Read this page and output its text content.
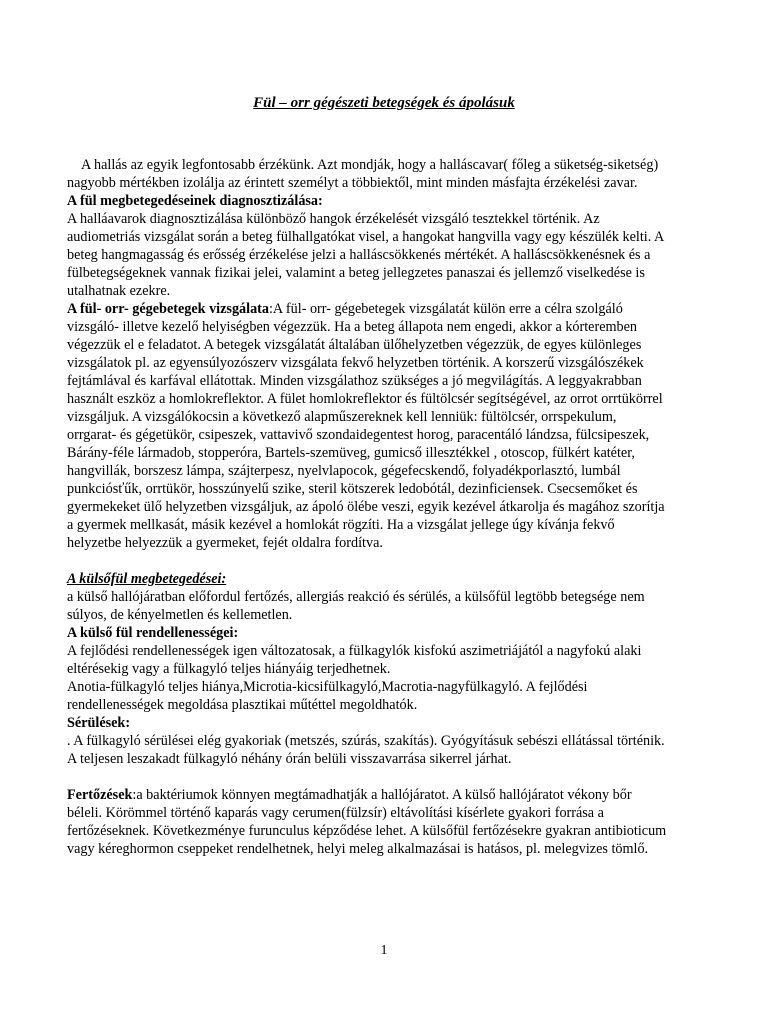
Fül – orr gégészeti betegségek és ápolásuk

A hallás az egyik legfontosabb érzékünk. Azt mondják, hogy a halláscavar( főleg a süketség-siketség) nagyobb mértékben izolálja az érintett személyt a többiektől, mint minden másfajta érzékelési zavar.

A fül megbetegedéseinek diagnosztizálása:
A halláavarok diagnosztizálása különböző hangok érzékelését vizsgáló tesztekkel történik. Az audiometriás vizsgálat során a beteg fülhallgatókat visel, a hangokat hangvilla vagy egy készülék kelti. A beteg hangmagasság és erősség érzékelése jelzi a halláscsökkenés mértékét. A halláscsökkenésnek és a fülbetegségeknek vannak fizikai jelei, valamint a beteg jellegzetes panaszai és jellemző viselkedése is utalhatnak ezekre.

A fül- orr- gégebetegek vizsgálata:A fül- orr- gégebetegek vizsgálatát külön erre a célra szolgáló vizsgáló- illetve kezelő helyiségben végezzük. Ha a beteg állapota nem engedi, akkor a kórteremben végezzük el e feladatot. A betegek vizsgálatát általában ülőhelyzetben végezzük, de egyes különleges vizsgálatok pl. az egyensúlyozószerv vizsgálata fekvő helyzetben történik. A korszerű vizsgálószékek fejtámlával és karfával ellátottak. Minden vizsgálathoz szükséges a jó megvilágítás. A leggyakrabban használt eszköz a homlokreflektor. A fület homlokreflektor és fültölcsér segítségével, az orrot orrtükörrel vizsgáljuk. A vizsgálókocsin a következő alapműszereknek kell lenniük: fültölcsér, orrspekulum, orrgarat- és gégetükör, csipeszek, vattavivő szondaidegentest horog, paracentáló lándzsa, fülcsipeszek, Bárány-féle lármadob, stopperóra, Bartels-szemüveg, gumicső illesztékkel , otoscop, fülkért katéter, hangvillák, borszesz lámpa, szájterpesz, nyelvlapocok, gégefecskendő, folyadékporlasztó, lumbál punkciósťűk, orrtükör, hosszúnyelű szike, steril kötszerek ledobótál, dezinficiensek. Csecsemőket és gyermekeket ülő helyzetben vizsgáljuk, az ápoló ölébe veszi, egyik kezével átkarolja és magához szorítja a gyermek mellkasát, másik kezével a homlokát rögzíti. Ha a vizsgálat jellege úgy kívánja fekvő helyzetbe helyezzük a gyermeket, fejét oldalra fordítva.

A külsőfül megbetegedései:
a külső hallójáratban előfordul fertőzés, allergiás reakció és sérülés, a külsőfül legtöbb betegsége nem súlyos, de kényelmetlen és kellemetlen.

A külső fül rendellenességei:
A fejlődési rendellenességek igen változatosak, a fülkagylók kisfokú aszimetriájától a nagyfokú alaki eltérésekig vagy a fülkagyló teljes hiányáig terjedhetnek.
Anotia-fülkagyló teljes hiánya,Microtia-kicsifülkagyló,Macrotia-nagyfülkagyló. A fejlődési rendellenességek megoldása plasztikai műtéttel megoldhatók.

Sérülések:
. A fülkagyló sérülései elég gyakoriak (metszés, szúrás, szakítás). Gyógyításuk sebészi ellátással történik. A teljesen leszakadt fülkagyló néhány órán belüli visszavarrása sikerrel járhat.

Fertőzések:a baktériumok könnyen megtámadhatják a hallójáratot. A külső hallójáratot vékony bőr béleli. Körömmel történő kaparás vagy cerumen(fülzsír) eltávolítási kísérlete gyakori forrása a fertőzéseknek. Következménye furunculus képződése lehet. A külsőfül fertőzésekre gyakran antibioticum vagy kéreghormon cseppeket rendelhetnek, helyi meleg alkalmazásai is hatásos, pl. melegvizes tömlő.

1
